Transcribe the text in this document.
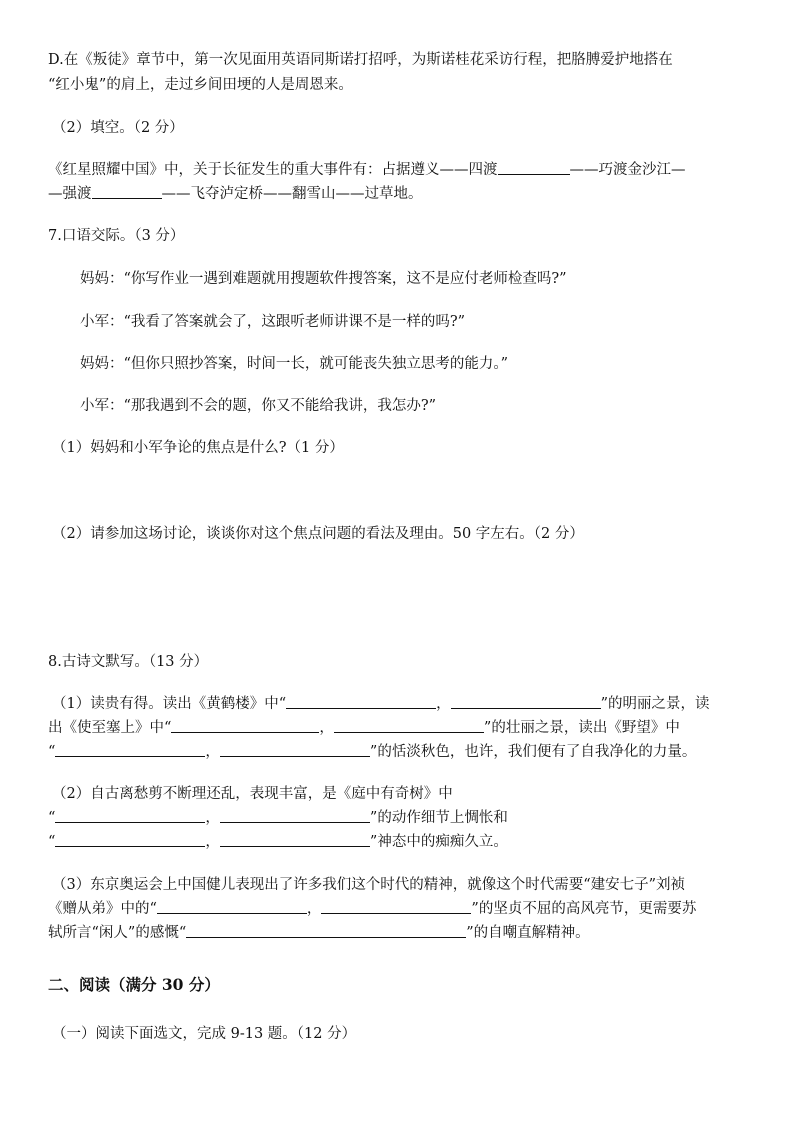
D.在《叛徒》章节中，第一次见面用英语同斯诺打招呼，为斯诺桂花采访行程，把胳膊爱护地搭在
“红小鬼”的肩上，走过乡间田埂的人是周恩来。
（2）填空。（2 分）
《红星照耀中国》中，关于长征发生的重大事件有：占据遵义——四渡	——巧渡金沙江—
—强渡	——飞夺泸定桥——翻雪山——过草地。
7.口语交际。（3 分）
妈妈：“你写作业一遇到难题就用搜题软件搜答案，这不是应付老师检查吗?”
小军：“我看了答案就会了，这跟听老师讲课不是一样的吗?”
妈妈：“但你只照抄答案，时间一长，就可能丧失独立思考的能力。”
小军：“那我遇到不会的题，你又不能给我讲，我怎办?”
（1）妈妈和小军争论的焦点是什么?（1 分）
（2）请参加这场讨论，谈谈你对这个焦点问题的看法及理由。50 字左右。（2 分）
8.古诗文默写。（13 分）
（1）读贵有得。读出《黄鹤楼》中“	，	”的明丽之景，读
出《使至塞上》中“	，	”的壮丽之景，读出《野望》中
“	，	”的恬淡秋色，也许，我们便有了自我净化的力量。
（2）自古离愁剪不断理还乱，表现丰富，是《庭中有奇树》中
“	，	”的动作细节上惆怅和
“	，	”神态中的痴痴久立。
（3）东京奥运会上中国健儿表现出了许多我们这个时代的精神，就像这个时代需要“建安七子”刘祯
《赠从弟》中的“	，	”的坚贞不屈的高风亮节，更需要苏
轼所言“闲人”的感慨“	”的自嘲直解精神。
二、阅读（满分 30 分）
（一）阅读下面选文，完成 9-13 题。（12 分）
